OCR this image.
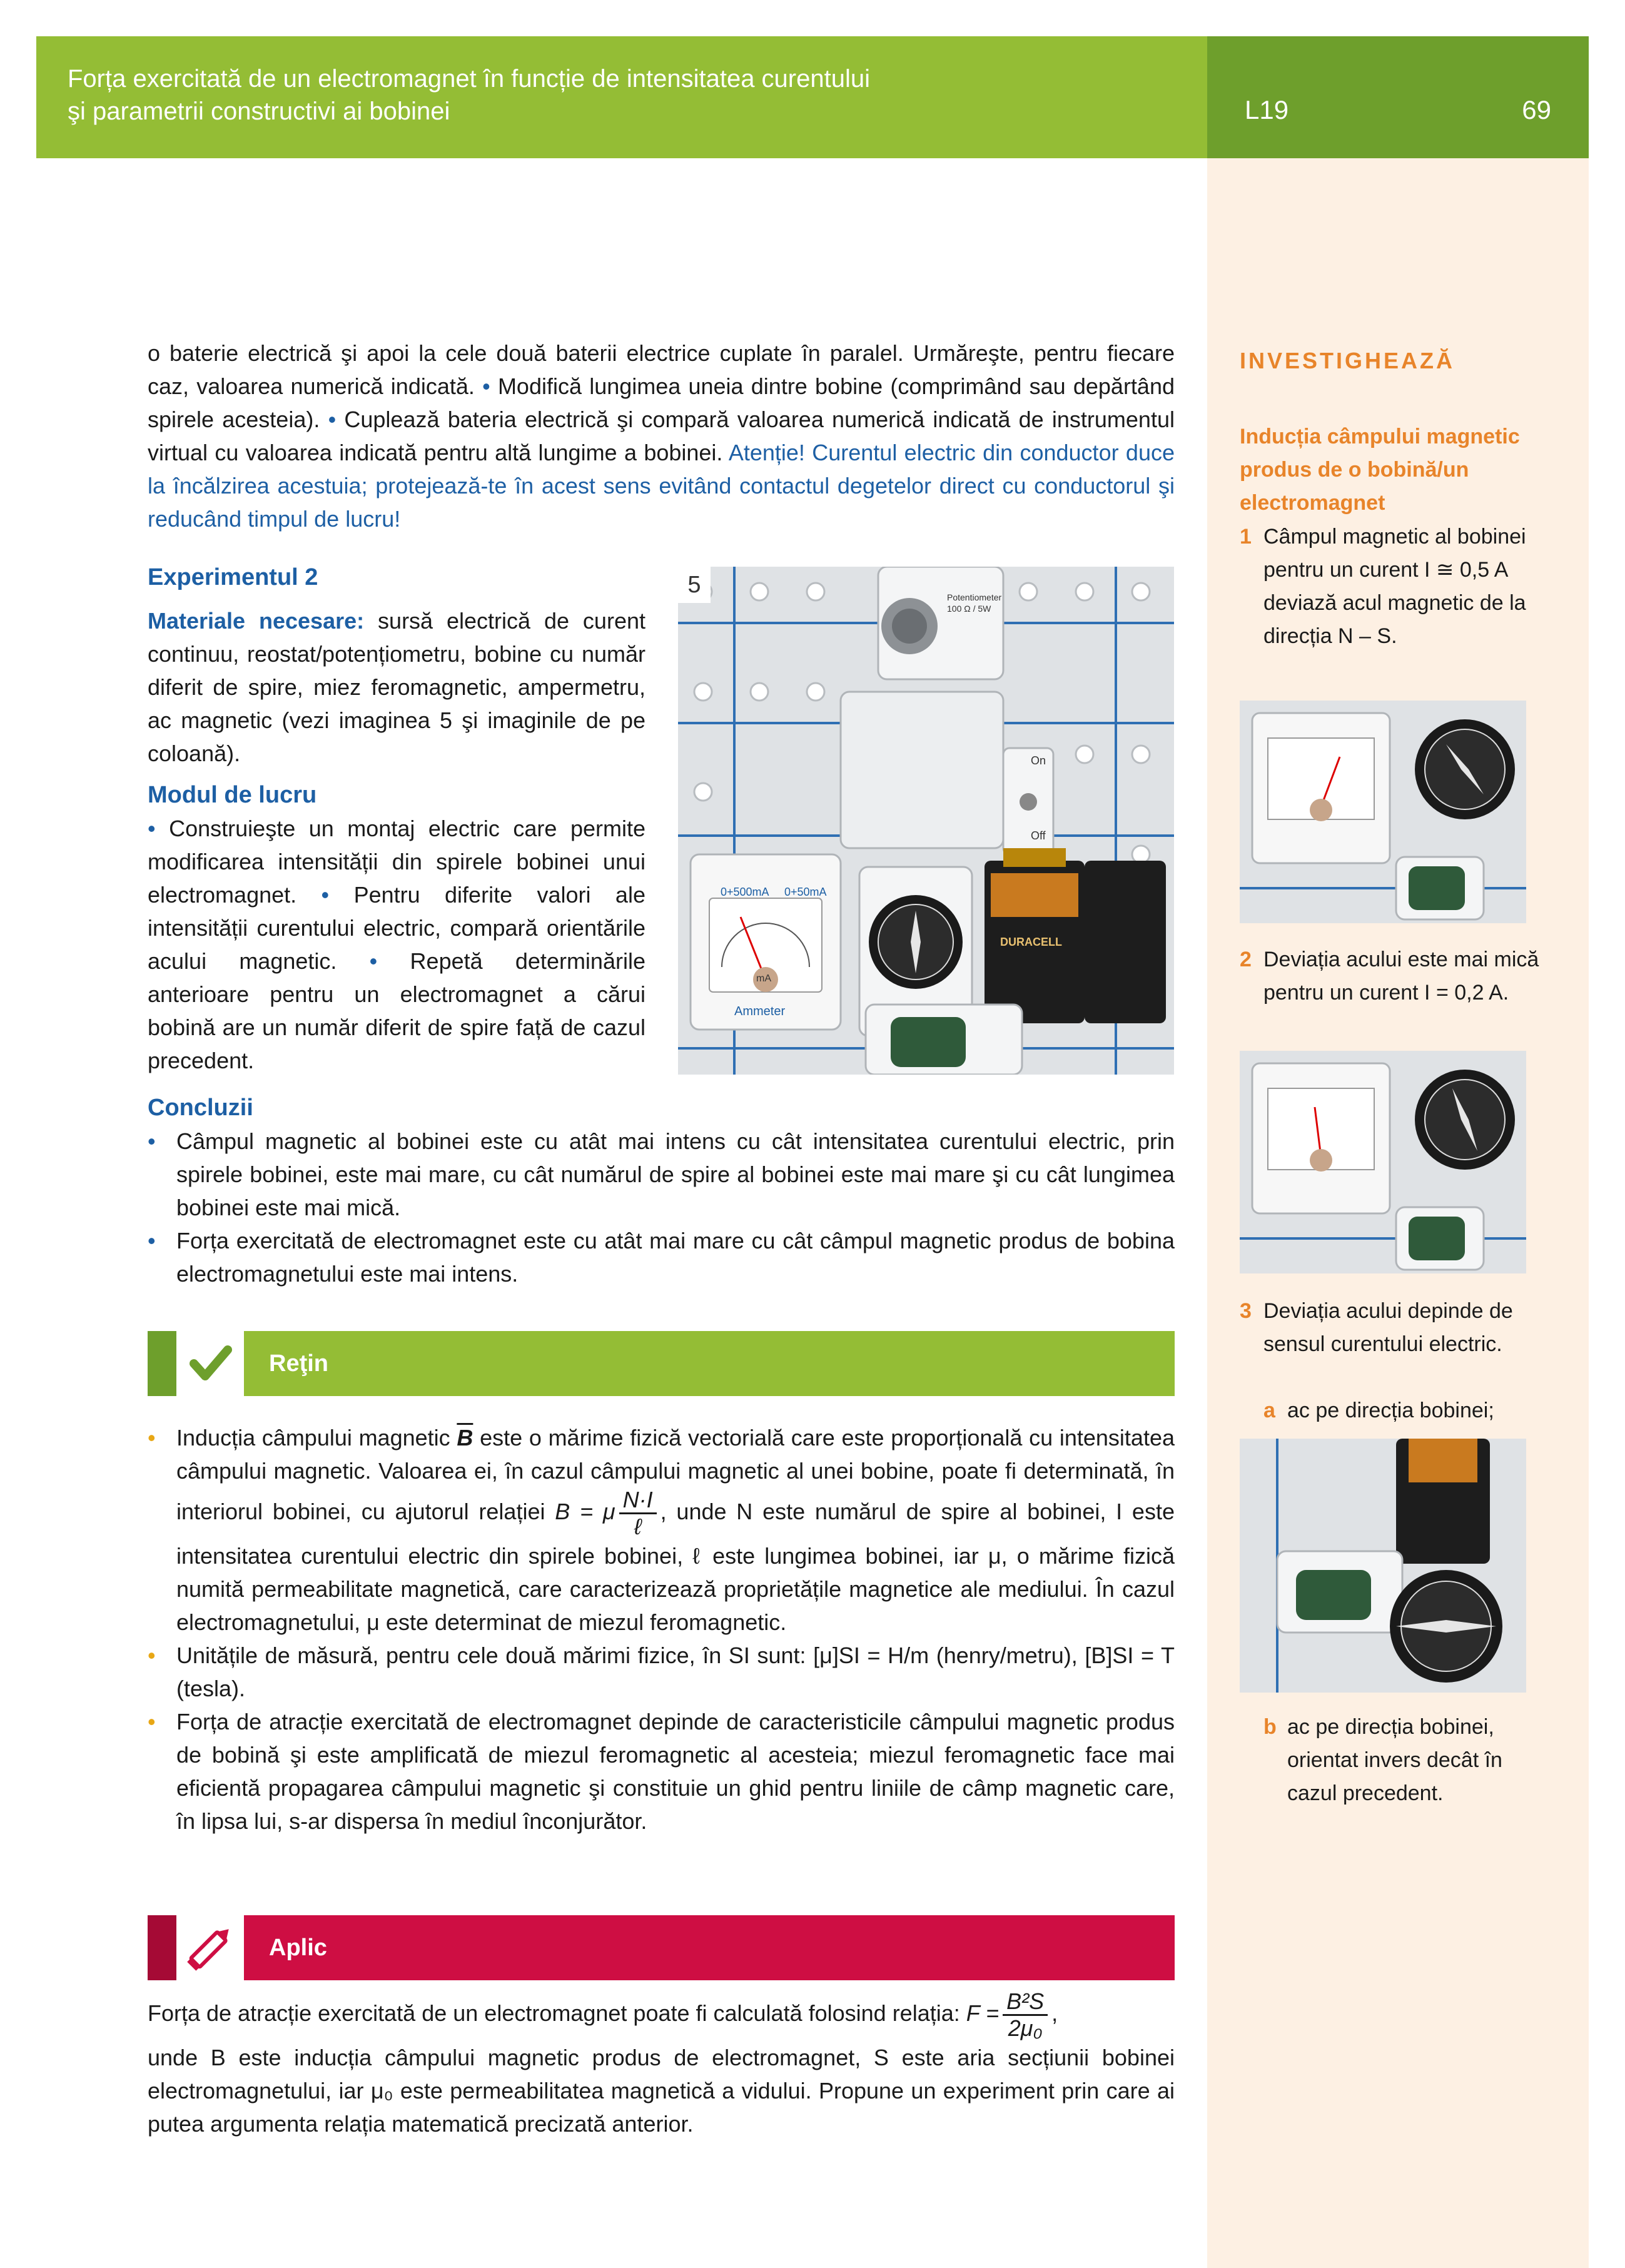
Forța exercitată de un electromagnet în funcție de intensitatea curentului
şi parametrii constructivi ai bobinei	L19	69
o baterie electrică şi apoi la cele două baterii electrice cuplate în paralel. Urmăreşte, pentru fiecare caz, valoarea numerică indicată. • Modifică lungimea uneia dintre bobine (comprimând sau depărtând spirele acesteia). • Cuplează bateria electrică şi compară valoarea numerică indicată de instrumentul virtual cu valoarea indicată pentru altă lungime a bobinei. Atenție! Curentul electric din conductor duce la încălzirea acestuia; protejează-te în acest sens evitând contactul degetelor direct cu conductorul şi reducând timpul de lucru!
Experimentul 2
Materiale necesare: sursă electrică de curent continuu, reostat/potențiometru, bobine cu număr diferit de spire, miez feromagnetic, ampermetru, ac magnetic (vezi imaginea 5 şi imaginile de pe coloană).
Modul de lucru
• Construieşte un montaj electric care permite modificarea intensității din spirele bobinei unui electromagnet. • Pentru diferite valori ale intensității curentului electric, compară orientările acului magnetic. • Repetă determinările anterioare pentru un electromagnet a cărui bobină are un număr diferit de spire față de cazul precedent.
0+500mA 0+50mA
mA
Ammeter
Potentiometer 100 Ω / 5W
On
Off
DURACELL
5
Concluzii
• Câmpul magnetic al bobinei este cu atât mai intens cu cât intensitatea curentului electric, prin spirele bobinei, este mai mare, cu cât numărul de spire al bobinei este mai mare şi cu cât lungimea bobinei este mai mică.
• Forța exercitată de electromagnet este cu atât mai mare cu cât câmpul magnetic produs de bobina electromagnetului este mai intens.
Reţin
• Inducția câmpului magnetic $\overline{B}$ este o mărime fizică vectorială care este proporțională cu intensitatea câmpului magnetic. Valoarea ei, în cazul câmpului magnetic al unei bobine, poate fi determinată, în interiorul bobinei, cu ajutorul relației B = μ $\frac{N\cdot I}{\text{ℓ}}$ , unde N este numărul de spire al bobinei, I este intensitatea curentului electric din spirele bobinei, ℓ este lungimea bobinei, iar μ, o mărime fizică numită permeabilitate magnetică, care caracterizează proprietățile magnetice ale mediului. În cazul electromagnetului, μ este determinat de miezul feromagnetic.
• Unitățile de măsură, pentru cele două mărimi fizice, în SI sunt: [μ]SI = H/m (henry/metru), [B]SI = T (tesla).
• Forța de atracție exercitată de electromagnet depinde de caracteristicile câmpului magnetic produs de bobină şi este amplificată de miezul feromagnetic al acesteia; miezul feromagnetic face mai eficientă propagarea câmpului magnetic şi constituie un ghid pentru liniile de câmp magnetic care, în lipsa lui, s-ar dispersa în mediul înconjurător.
Aplic
Forța de atracție exercitată de un electromagnet poate fi calculată folosind relația: $F = \frac{\text{B²S}}{\text{2μ₀}}$ ,
unde B este inducția câmpului magnetic produs de electromagnet, S este aria secțiunii bobinei electromagnetului, iar μ₀ este permeabilitatea magnetică a vidului. Propune un experiment prin care ai putea argumenta relația matematică precizată anterior.
INVESTIGHEAZĂ
Inducția câmpului magnetic produs de o bobină/un electromagnet
1 Câmpul magnetic al bobinei pentru un curent I ≅ 0,5 A deviază acul magnetic de la direcția N – S.
2 Deviația acului este mai mică pentru un curent I = 0,2 A.
3 Deviația acului depinde de sensul curentului electric.
a ac pe direcția bobinei;
b ac pe direcția bobinei, orientat invers decât în cazul precedent.
